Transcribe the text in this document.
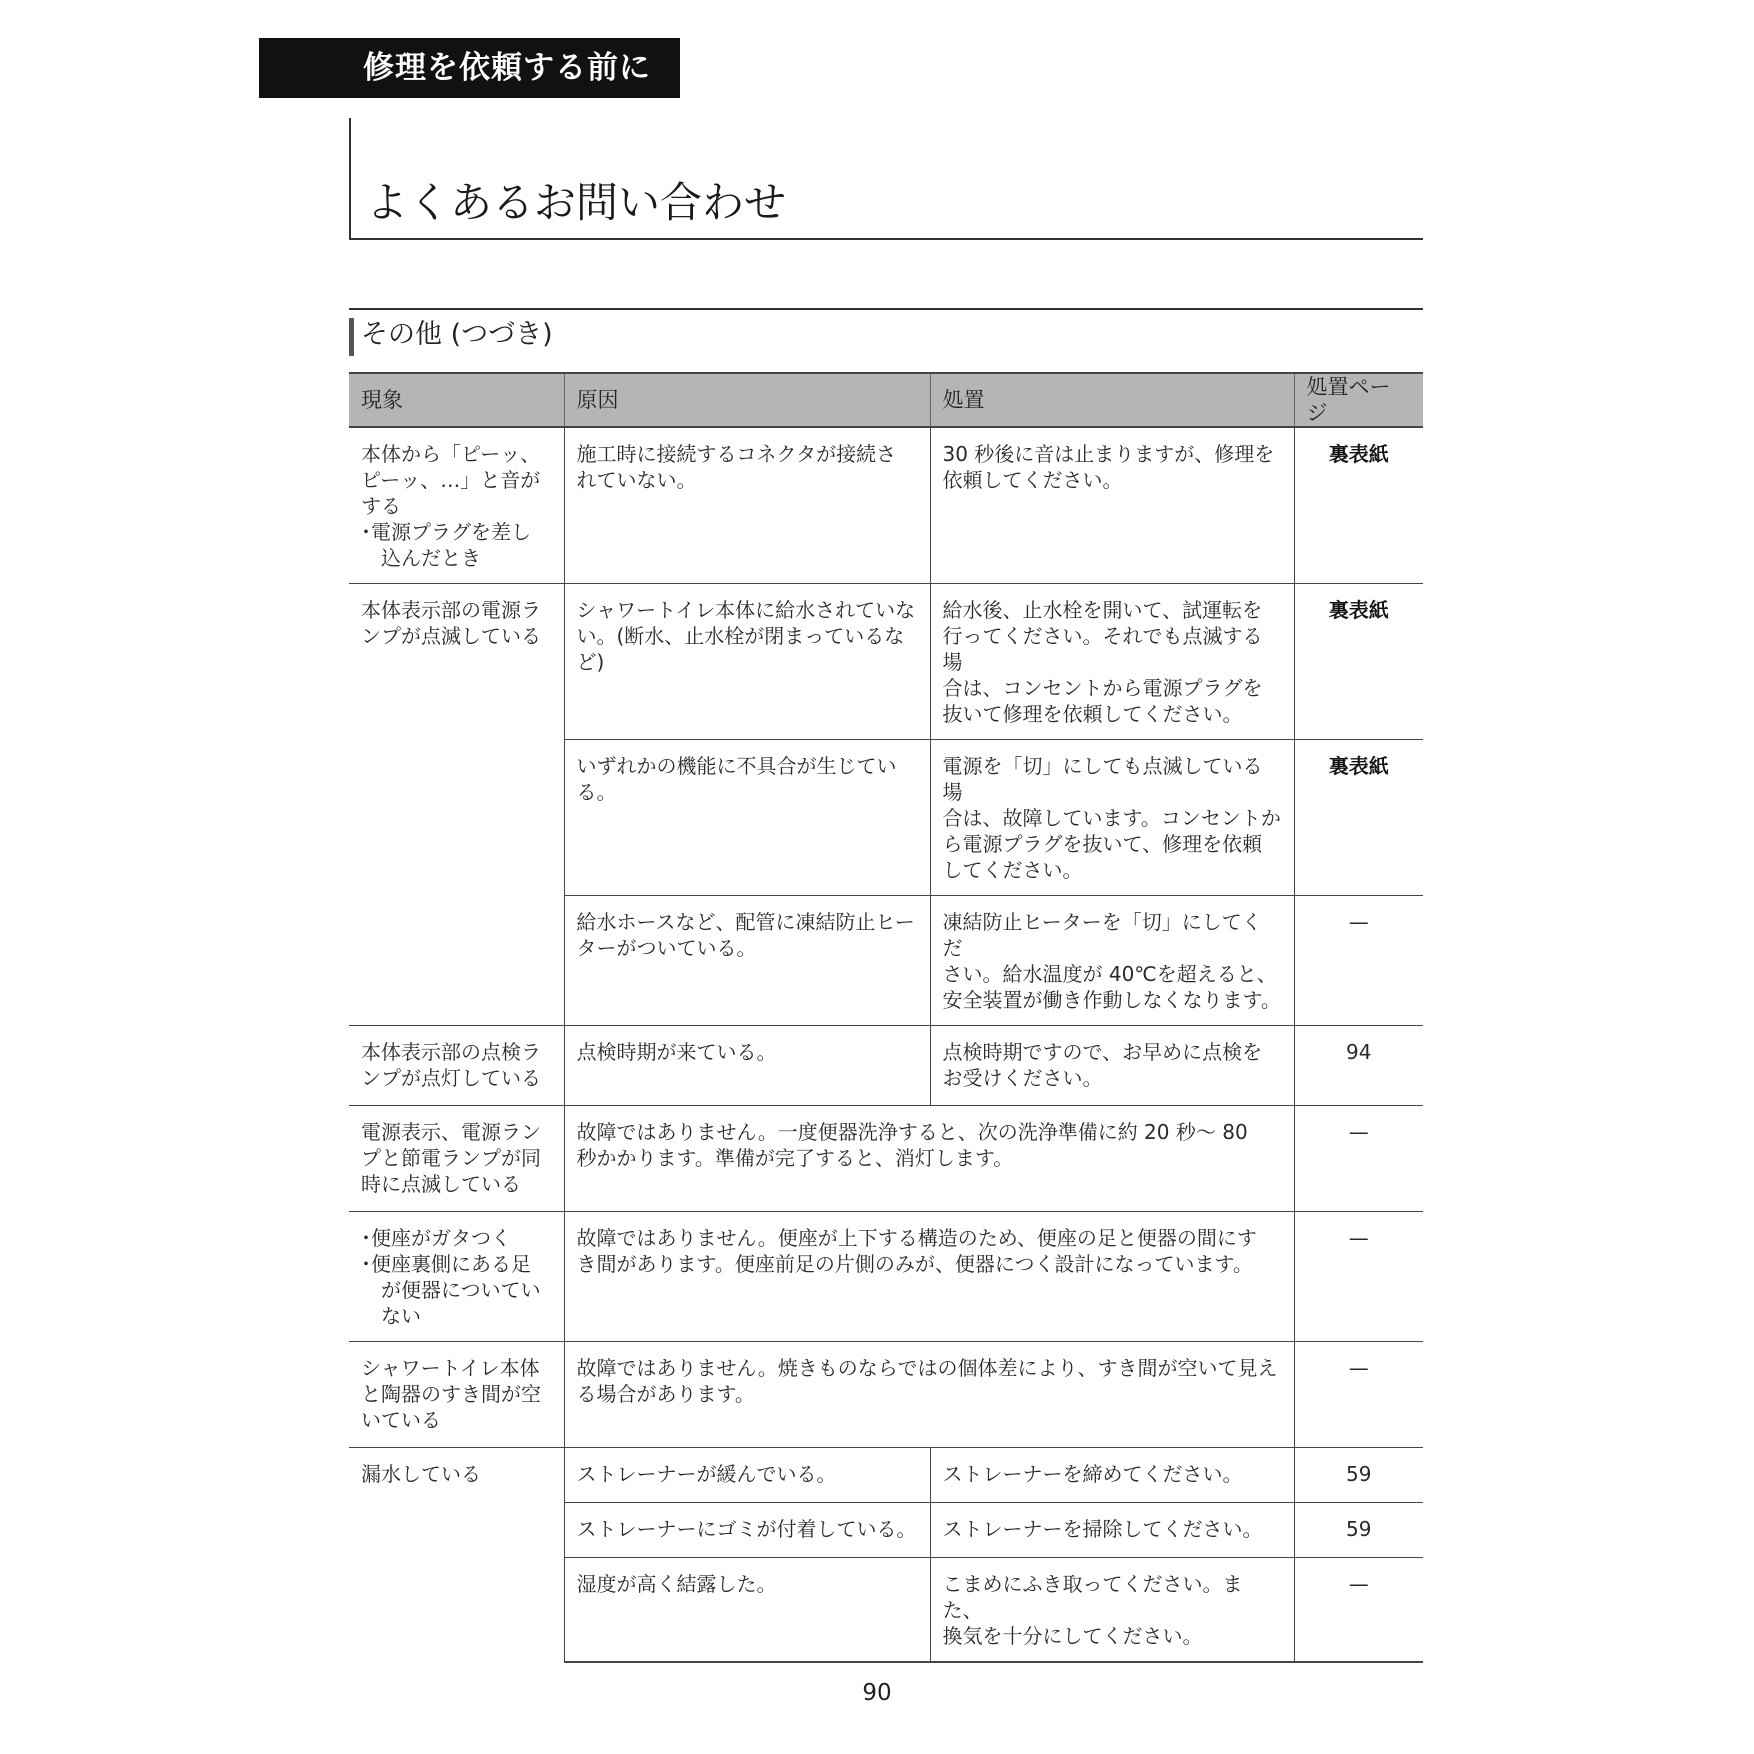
修理を依頼する前に
よくあるお問い合わせ
その他 (つづき)
現象	原因	処置	処置ページ
本体から「ピーッ、
ピーッ、…」と音が
する
･電源プラグを差し
　込んだとき	施工時に接続するコネクタが接続さ
れていない。	30 秒後に音は止まりますが、修理を
依頼してください。	裏表紙
本体表示部の電源ラ
ンプが点滅している	シャワートイレ本体に給水されていな
い。(断水、止水栓が閉まっているな
ど)	給水後、止水栓を開いて、試運転を
行ってください。それでも点滅する場
合は、コンセントから電源プラグを
抜いて修理を依頼してください。	裏表紙
	いずれかの機能に不具合が生じてい
る。	電源を「切」にしても点滅している場
合は、故障しています。コンセントか
ら電源プラグを抜いて、修理を依頼
してください。	裏表紙
	給水ホースなど、配管に凍結防止ヒー
ターがついている。	凍結防止ヒーターを「切」にしてくだ
さい。給水温度が 40℃を超えると、
安全装置が働き作動しなくなります。	—
本体表示部の点検ラ
ンプが点灯している	点検時期が来ている。	点検時期ですので、お早めに点検を
お受けください。	94
電源表示、電源ラン
プと節電ランプが同
時に点滅している	故障ではありません。一度便器洗浄すると、次の洗浄準備に約 20 秒～ 80
秒かかります。準備が完了すると、消灯します。		—
･便座がガタつく
･便座裏側にある足
　が便器についてい
　ない	故障ではありません。便座が上下する構造のため、便座の足と便器の間にす
き間があります。便座前足の片側のみが、便器につく設計になっています。		—
シャワートイレ本体
と陶器のすき間が空
いている	故障ではありません。焼きものならではの個体差により、すき間が空いて見え
る場合があります。		—
漏水している	ストレーナーが緩んでいる。	ストレーナーを締めてください。	59
	ストレーナーにゴミが付着している。	ストレーナーを掃除してください。	59
	湿度が高く結露した。	こまめにふき取ってください。また、
換気を十分にしてください。	—
90
